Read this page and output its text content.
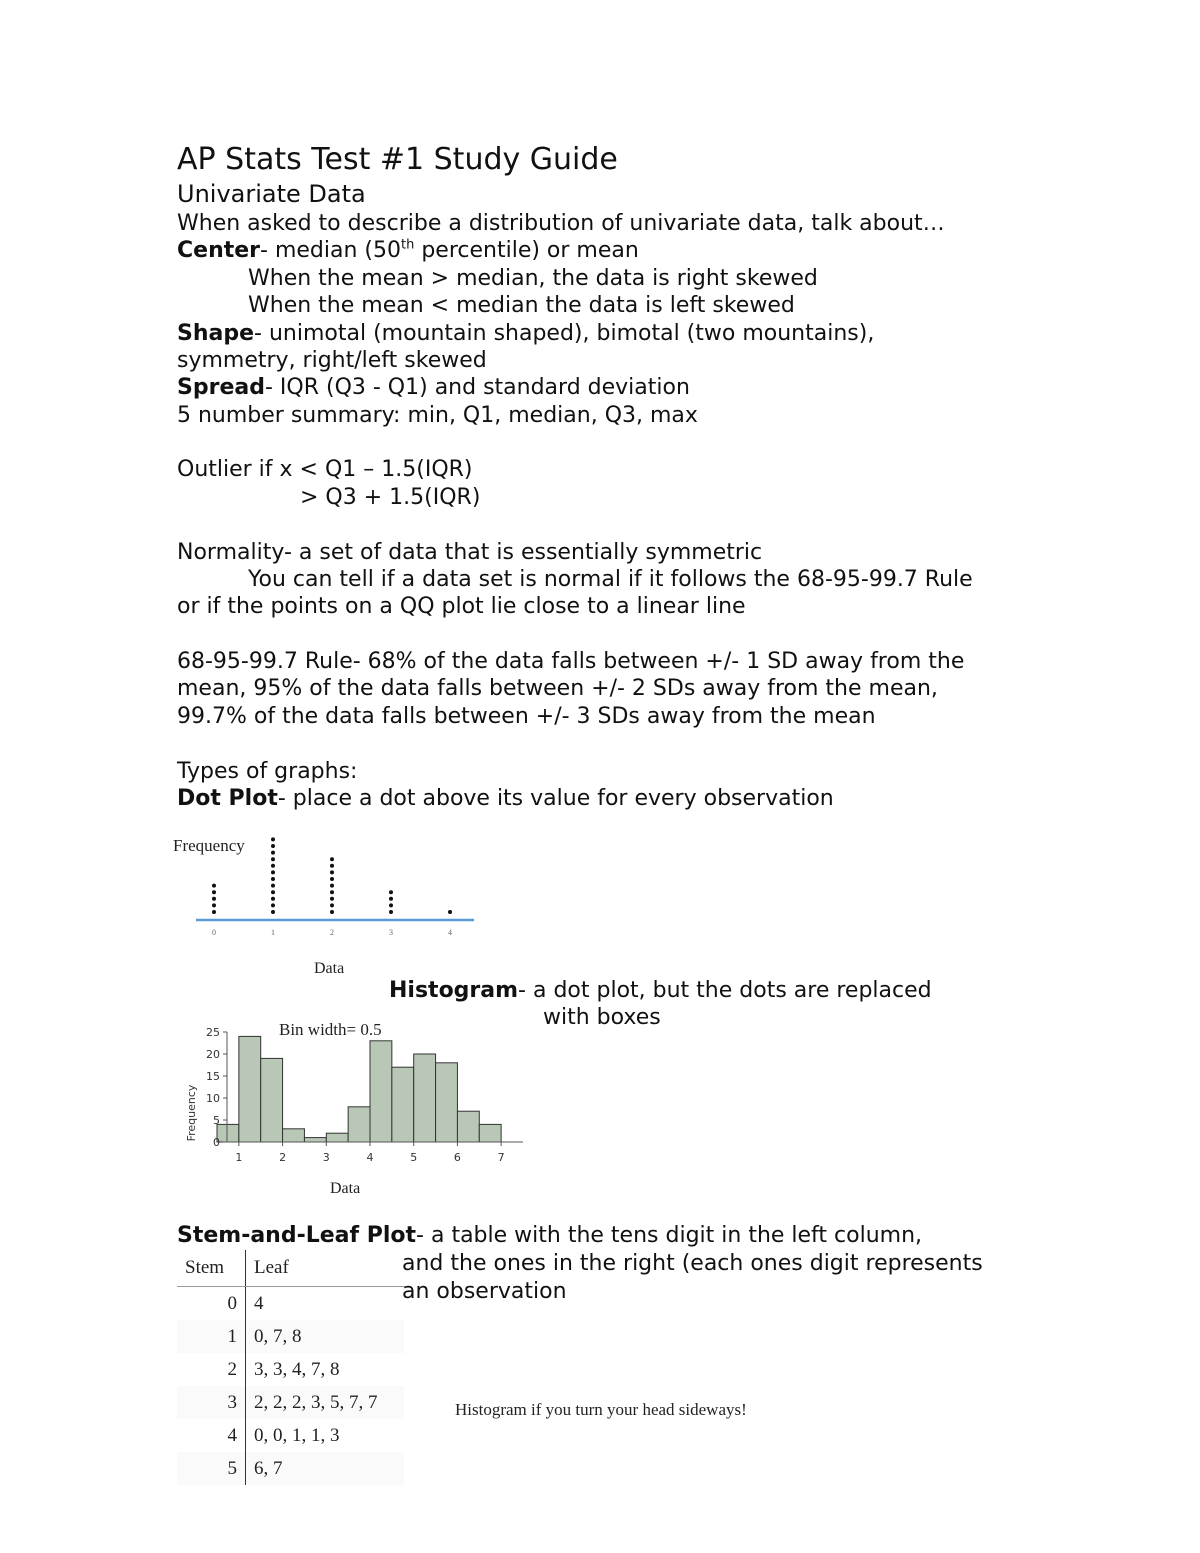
AP Stats Test #1 Study Guide
Univariate Data
When asked to describe a distribution of univariate data, talk about…
Center- median (50th percentile) or mean
When the mean > median, the data is right skewed
When the mean < median the data is left skewed
Shape- unimotal (mountain shaped), bimotal (two mountains),
symmetry, right/left skewed
Spread- IQR (Q3 - Q1) and standard deviation
5 number summary: min, Q1, median, Q3, max
Outlier if x < Q1 – 1.5(IQR)
> Q3 + 1.5(IQR)
Normality- a set of data that is essentially symmetric
You can tell if a data set is normal if it follows the 68-95-99.7 Rule
or if the points on a QQ plot lie close to a linear line
68-95-99.7 Rule- 68% of the data falls between +/- 1 SD away from the
mean, 95% of the data falls between +/- 2 SDs away from the mean,
99.7% of the data falls between +/- 3 SDs away from the mean
Types of graphs:
Dot Plot- place a dot above its value for every observation
Frequency
0	1	2	3	4
Data
Histogram- a dot plot, but the dots are replaced
with boxes
Bin width= 0.5
Frequency
0
5
10
15
20
25
1	2	3	4	5	6	7
Data
Stem-and-Leaf Plot- a table with the tens digit in the left column,
and the ones in the right (each ones digit represents
an observation
Stem	Leaf
0	4
1	0, 7, 8
2	3, 3, 4, 7, 8
3	2, 2, 2, 3, 5, 7, 7
4	0, 0, 1, 1, 3
5	6, 7
Histogram if you turn your head sideways!
